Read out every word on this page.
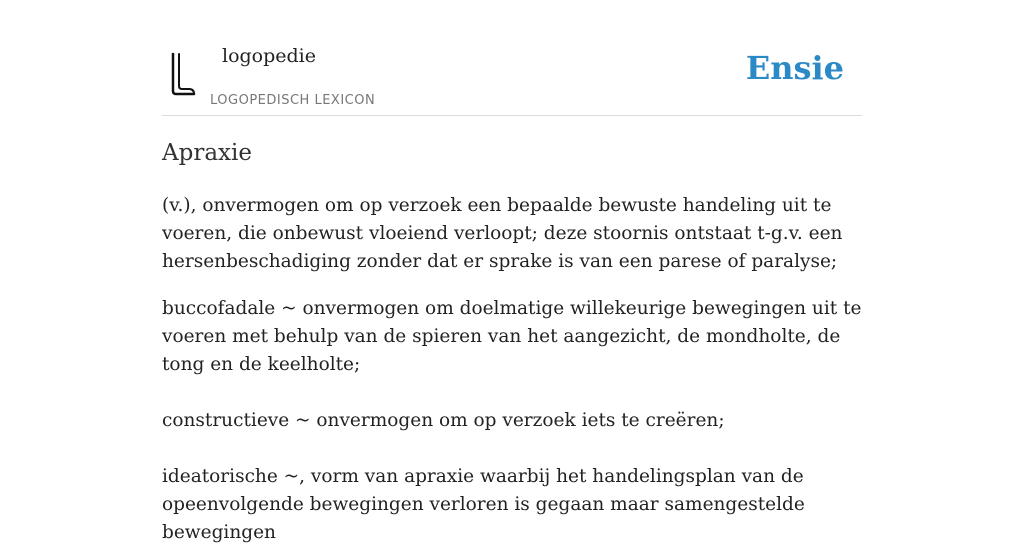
logopedie
LOGOPEDISCH LEXICON
Ensie
Apraxie

(v.), onvermogen om op verzoek een bepaalde bewuste handeling uit te voeren, die onbewust vloeiend verloopt; deze stoornis ontstaat t-g.v. een hersenbeschadiging zonder dat er sprake is van een parese of paralyse;

buccofadale ~ onvermogen om doelmatige willekeurige bewegingen uit te voeren met behulp van de spieren van het aangezicht, de mondholte, de tong en de keelholte;

constructieve ~ onvermogen om op verzoek iets te creëren;

ideatorische ~, vorm van apraxie waarbij het handelingsplan van de opeenvolgende bewegingen verloren is gegaan maar samengestelde bewegingen
